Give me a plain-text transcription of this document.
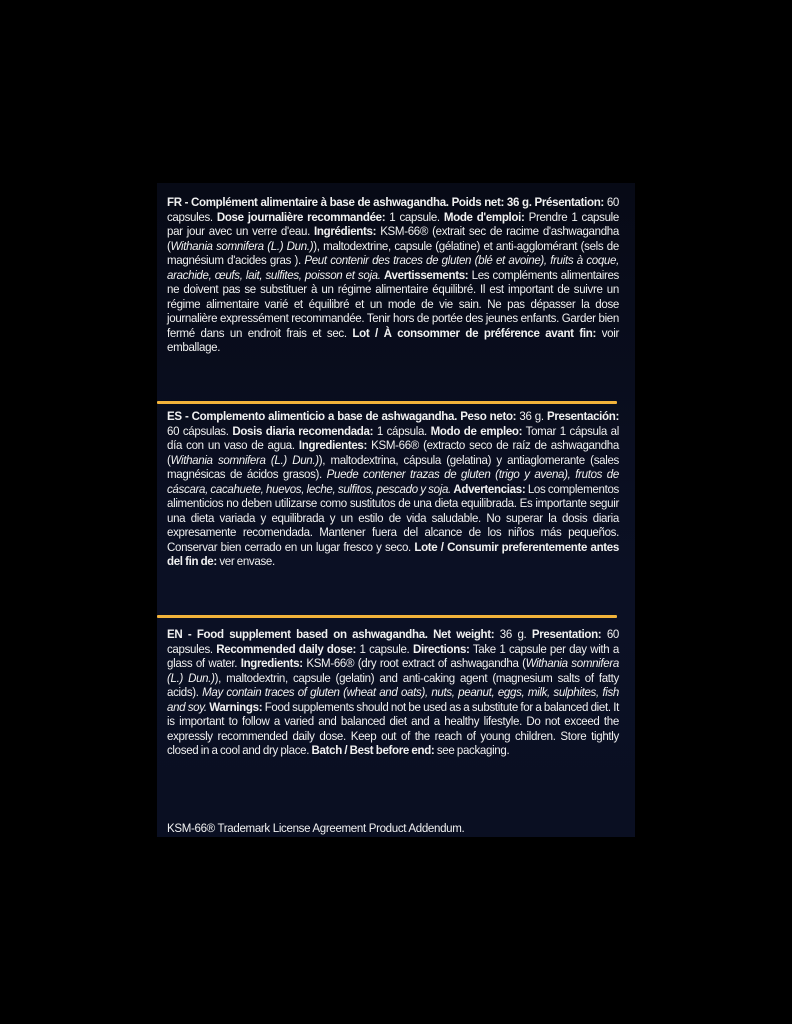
FR - Complément alimentaire à base de ashwagandha. Poids net: 36 g. Présentation: 60 capsules. Dose journalière recommandée: 1 capsule. Mode d'emploi: Prendre 1 capsule par jour avec un verre d'eau. Ingrédients: KSM-66® (extrait sec de racime d'ashwagandha (Withania somnifera (L.) Dun.)), maltodextrine, capsule (gélatine) et anti-agglomérant (sels de magnésium d'acides gras ). Peut contenir des traces de gluten (blé et avoine), fruits à coque, arachide, œufs, lait, sulfites, poisson et soja. Avertissements: Les compléments alimentaires ne doivent pas se substituer à un régime alimentaire équilibré. Il est important de suivre un régime alimentaire varié et équilibré et un mode de vie sain. Ne pas dépasser la dose journalière expressément recommandée. Tenir hors de portée des jeunes enfants. Garder bien fermé dans un endroit frais et sec. Lot / À consommer de préférence avant fin: voir emballage.

ES - Complemento alimenticio a base de ashwagandha. Peso neto: 36 g. Presentación: 60 cápsulas. Dosis diaria recomendada: 1 cápsula. Modo de empleo: Tomar 1 cápsula al día con un vaso de agua. Ingredientes: KSM-66® (extracto seco de raíz de ashwagandha (Withania somnifera (L.) Dun.)), maltodextrina, cápsula (gelatina) y antiaglomerante (sales magnésicas de ácidos grasos). Puede contener trazas de gluten (trigo y avena), frutos de cáscara, cacahuete, huevos, leche, sulfitos, pescado y soja. Advertencias: Los complementos alimenticios no deben utilizarse como sustitutos de una dieta equilibrada. Es importante seguir una dieta variada y equilibrada y un estilo de vida saludable. No superar la dosis diaria expresamente recomendada. Mantener fuera del alcance de los niños más pequeños. Conservar bien cerrado en un lugar fresco y seco. Lote / Consumir preferentemente antes del fin de: ver envase.

EN - Food supplement based on ashwagandha. Net weight: 36 g. Presentation: 60 capsules. Recommended daily dose: 1 capsule. Directions: Take 1 capsule per day with a glass of water. Ingredients: KSM-66® (dry root extract of ashwagandha (Withania somnifera (L.) Dun.)), maltodextrin, capsule (gelatin) and anti-caking agent (magnesium salts of fatty acids). May contain traces of gluten (wheat and oats), nuts, peanut, eggs, milk, sulphites, fish and soy. Warnings: Food supplements should not be used as a substitute for a balanced diet. It is important to follow a varied and balanced diet and a healthy lifestyle. Do not exceed the expressly recommended daily dose. Keep out of the reach of young children. Store tightly closed in a cool and dry place. Batch / Best before end: see packaging.

KSM-66® Trademark License Agreement Product Addendum.
